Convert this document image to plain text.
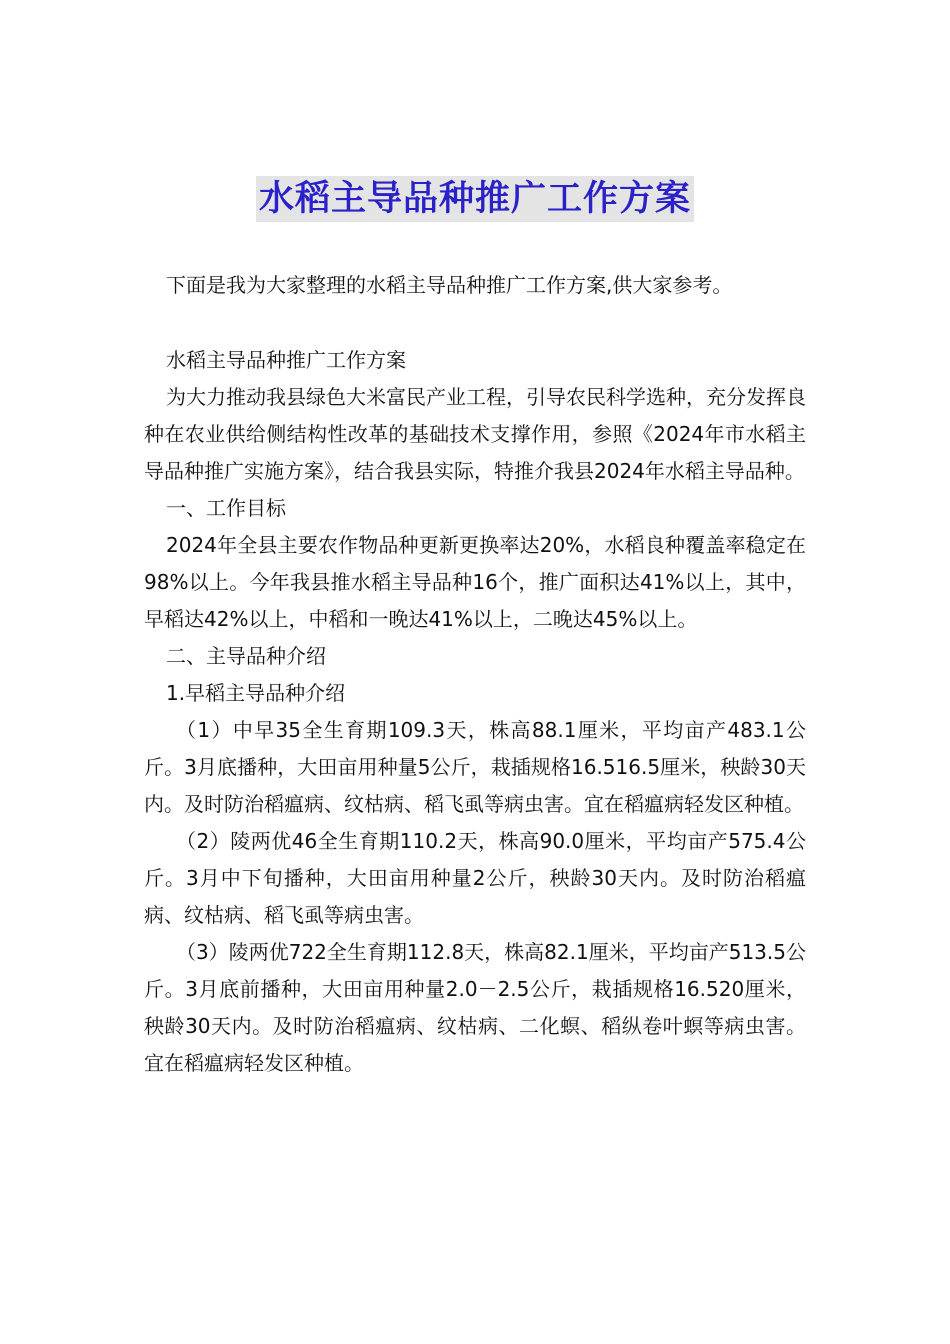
水稻主导品种推广工作方案
下面是我为大家整理的水稻主导品种推广工作方案,供大家参考。

水稻主导品种推广工作方案

为大力推动我县绿色大米富民产业工程，引导农民科学选种，充分发挥良种在农业供给侧结构性改革的基础技术支撑作用，参照《2024年市水稻主导品种推广实施方案》，结合我县实际，特推介我县2024年水稻主导品种。

一、工作目标

2024年全县主要农作物品种更新更换率达20%，水稻良种覆盖率稳定在98%以上。今年我县推水稻主导品种16个，推广面积达41%以上，其中，早稻达42%以上，中稻和一晚达41%以上，二晚达45%以上。

二、主导品种介绍

1.早稻主导品种介绍

（1）中早35全生育期109.3天，株高88.1厘米，平均亩产483.1公斤。3月底播种，大田亩用种量5公斤，栽插规格16.516.5厘米，秧龄30天内。及时防治稻瘟病、纹枯病、稻飞虱等病虫害。宜在稻瘟病轻发区种植。

（2）陵两优46全生育期110.2天，株高90.0厘米，平均亩产575.4公斤。3月中下旬播种，大田亩用种量2公斤，秧龄30天内。及时防治稻瘟病、纹枯病、稻飞虱等病虫害。

（3）陵两优722全生育期112.8天，株高82.1厘米，平均亩产513.5公斤。3月底前播种，大田亩用种量2.0－2.5公斤，栽插规格16.520厘米，秧龄30天内。及时防治稻瘟病、纹枯病、二化螟、稻纵卷叶螟等病虫害。宜在稻瘟病轻发区种植。
